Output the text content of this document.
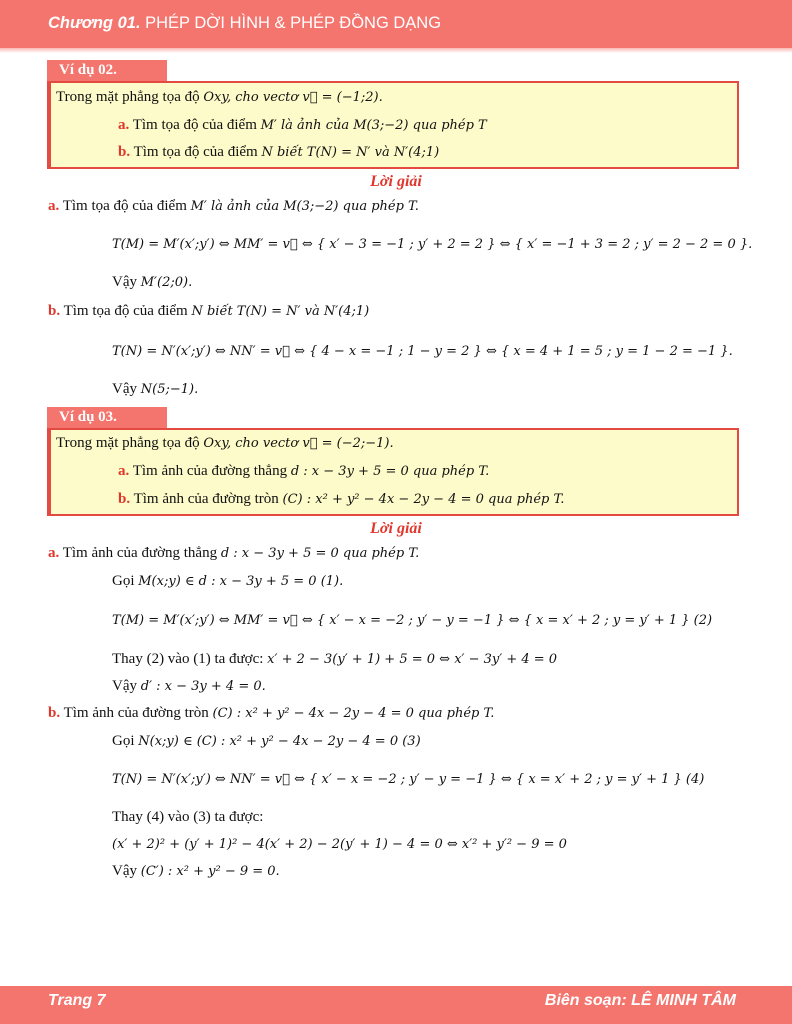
Chương 01. PHÉP DỜI HÌNH & PHÉP ĐỒNG DẠNG
Ví dụ 02.
Trong mặt phẳng tọa độ Oxy, cho vectơ v⃗ = (−1;2).
a. Tìm tọa độ của điểm M′ là ảnh của M(3;−2) qua phép T
b. Tìm tọa độ của điểm N biết T(N) = N′ và N′(4;1)
Lời giải
a. Tìm tọa độ của điểm M′ là ảnh của M(3;−2) qua phép T.
T(M) = M′(x′;y′) ⇔ MM′ = v⃗ ⇔ { x′ − 3 = −1 ; y′ + 2 = 2 } ⇔ { x′ = −1 + 3 = 2 ; y′ = 2 − 2 = 0 }.
Vậy M′(2;0).
b. Tìm tọa độ của điểm N biết T(N) = N′ và N′(4;1)
T(N) = N′(x′;y′) ⇔ NN′ = v⃗ ⇔ { 4 − x = −1 ; 1 − y = 2 } ⇔ { x = 4 + 1 = 5 ; y = 1 − 2 = −1 }.
Vậy N(5;−1).
Ví dụ 03.
Trong mặt phẳng tọa độ Oxy, cho vectơ v⃗ = (−2;−1).
a. Tìm ảnh của đường thẳng d : x − 3y + 5 = 0 qua phép T.
b. Tìm ảnh của đường tròn (C) : x² + y² − 4x − 2y − 4 = 0 qua phép T.
Lời giải
a. Tìm ảnh của đường thẳng d : x − 3y + 5 = 0 qua phép T.
Gọi M(x;y) ∈ d : x − 3y + 5 = 0 (1).
T(M) = M′(x′;y′) ⇔ MM′ = v⃗ ⇔ { x′ − x = −2 ; y′ − y = −1 } ⇔ { x = x′ + 2 ; y = y′ + 1 } (2)
Thay (2) vào (1) ta được: x′ + 2 − 3(y′ + 1) + 5 = 0 ⇔ x′ − 3y′ + 4 = 0
Vậy d′ : x − 3y + 4 = 0.
b. Tìm ảnh của đường tròn (C) : x² + y² − 4x − 2y − 4 = 0 qua phép T.
Gọi N(x;y) ∈ (C) : x² + y² − 4x − 2y − 4 = 0 (3)
T(N) = N′(x′;y′) ⇔ NN′ = v⃗ ⇔ { x′ − x = −2 ; y′ − y = −1 } ⇔ { x = x′ + 2 ; y = y′ + 1 } (4)
Thay (4) vào (3) ta được:
(x′ + 2)² + (y′ + 1)² − 4(x′ + 2) − 2(y′ + 1) − 4 = 0 ⇔ x′² + y′² − 9 = 0
Vậy (C′) : x² + y² − 9 = 0.
Trang 7	Biên soạn: LÊ MINH TÂM
